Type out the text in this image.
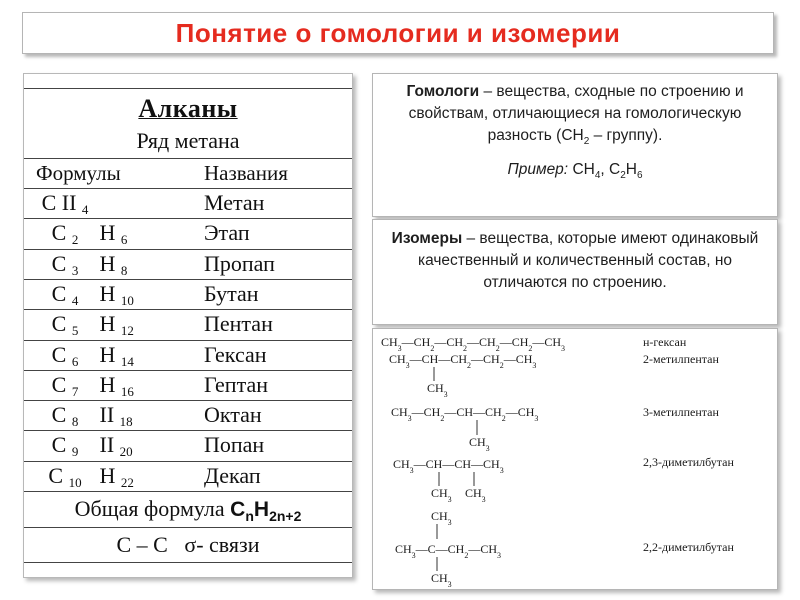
Понятие о гомологии и изомерии
Алканы
Ряд метана
Формулы	Названия
С II 4	Метан
С 2 Н 6	Этап
С 3 Н 8	Пропап
С 4 Н 10	Бутан
С 5 Н 12	Пентан
С 6 Н 14	Гексан
С 7 Н 16	Гептан
С 8 II 18	Октан
С 9 II 20	Попан
С 10 Н 22	Декап
Общая формула $C_nH_{2n+2}$
С – С   σ- связи
Гомологи – вещества, сходные по строению и свойствам, отличающиеся на гомологическую разность ($CH_2$ – группу).
Пример: $CH_4$, $C_2H_6$
Изомеры – вещества, которые имеют одинаковый качественный и количественный состав, но отличаются по строению.
$CH_3—CH_2—CH_2—CH_2—CH_2—CH_3$	н-гексан
$CH_3—CH—CH_2—CH_2—CH_3$
$CH_3$
2-метилпентан
$CH_3—CH_2—CH—CH_2—CH_3$
$CH_3$
3-метилпентан
$CH_3—CH—CH—CH_3$
$CH_3$ $CH_3$
2,3-диметилбутан
$CH_3$
$CH_3—C—CH_2—CH_3$
$CH_3$
2,2-диметилбутан
